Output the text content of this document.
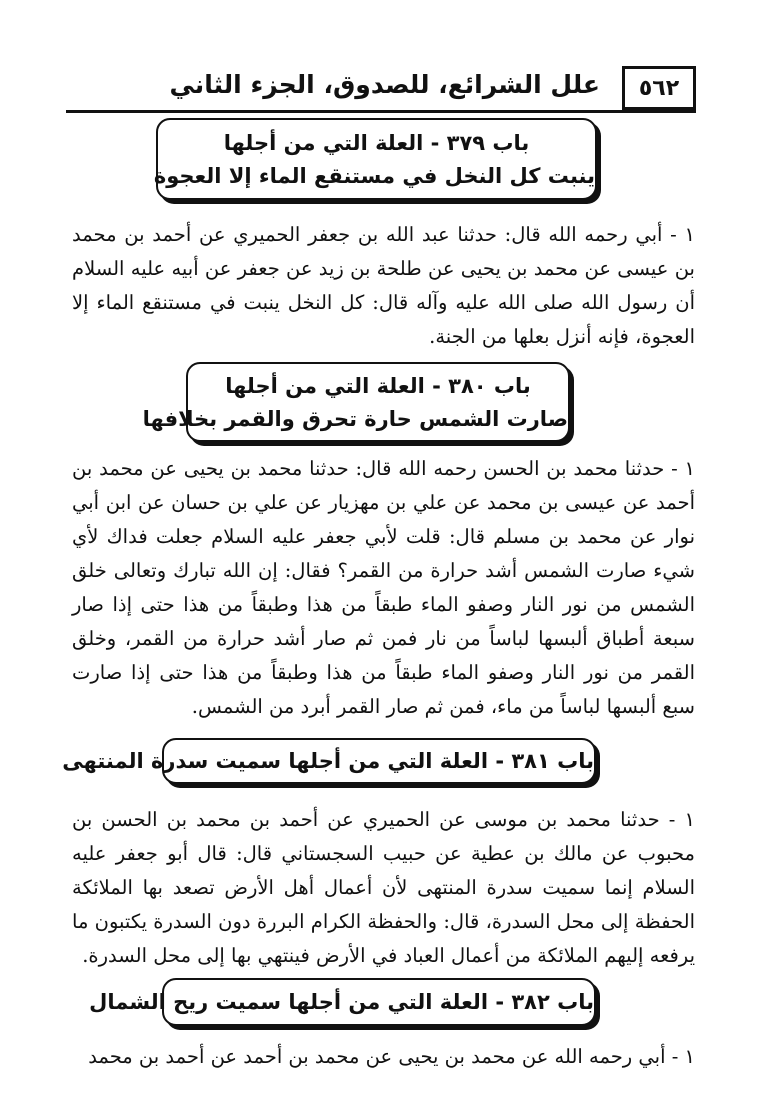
٥٦٢
علل الشرائع، للصدوق، الجزء الثاني
باب ٣٧٩ - العلة التي من أجلها
ينبت كل النخل في مستنقع الماء إلا العجوة
١ - أبي رحمه الله قال: حدثنا عبد الله بن جعفر الحميري عن أحمد بن محمد بن عيسى عن محمد بن يحيى عن طلحة بن زيد عن جعفر عن أبيه عليه السلام أن رسول الله صلى الله عليه وآله قال: كل النخل ينبت في مستنقع الماء إلا العجوة، فإنه أنزل بعلها من الجنة.
باب ٣٨٠ - العلة التي من أجلها
صارت الشمس حارة تحرق والقمر بخلافها
١ - حدثنا محمد بن الحسن رحمه الله قال: حدثنا محمد بن يحيى عن محمد بن أحمد عن عيسى بن محمد عن علي بن مهزيار عن علي بن حسان عن ابن أبي نوار عن محمد بن مسلم قال: قلت لأبي جعفر عليه السلام جعلت فداك لأي شيء صارت الشمس أشد حرارة من القمر؟ فقال: إن الله تبارك وتعالى خلق الشمس من نور النار وصفو الماء طبقاً من هذا وطبقاً من هذا حتى إذا صار سبعة أطباق ألبسها لباساً من نار فمن ثم صار أشد حرارة من القمر، وخلق القمر من نور النار وصفو الماء طبقاً من هذا وطبقاً من هذا حتى إذا صارت سبع ألبسها لباساً من ماء، فمن ثم صار القمر أبرد من الشمس.
باب ٣٨١ - العلة التي من أجلها سميت سدرة المنتهى
١ - حدثنا محمد بن موسى عن الحميري عن أحمد بن محمد بن الحسن بن محبوب عن مالك بن عطية عن حبيب السجستاني قال: قال أبو جعفر عليه السلام إنما سميت سدرة المنتهى لأن أعمال أهل الأرض تصعد بها الملائكة الحفظة إلى محل السدرة، قال: والحفظة الكرام البررة دون السدرة يكتبون ما يرفعه إليهم الملائكة من أعمال العباد في الأرض فينتهي بها إلى محل السدرة.
باب ٣٨٢ - العلة التي من أجلها سميت ريح الشمال
١ - أبي رحمه الله عن محمد بن يحيى عن محمد بن أحمد عن أحمد بن محمد
